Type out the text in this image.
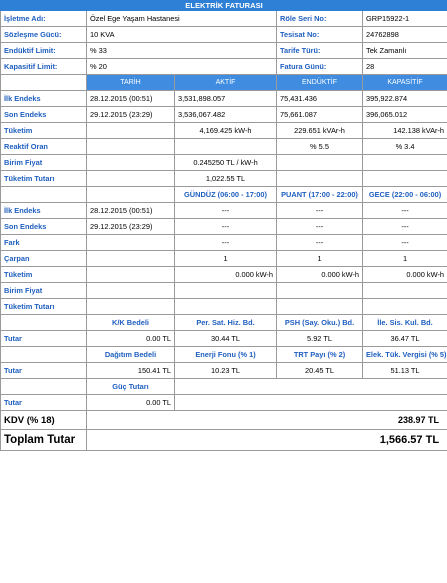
ELEKTRİK FATURASI				
İşletme Adı:	Özel Ege Yaşam Hastanesi		Röle Seri No:	GRP15922-1
Sözleşme Gücü:	10 KVA		Tesisat No:	24762898
Endüktif Limit:	% 33		Tarife Türü:	Tek Zamanlı
Kapasitif Limit:	% 20		Fatura Günü:	28
	TARİH	AKTİF	ENDÜKTİF	KAPASİTİF
İlk Endeks	28.12.2015 (00:51)	3,531,898.057	75,431.436	395,922.874
Son Endeks	29.12.2015 (23:29)	3,536,067.482	75,661.087	396,065.012
Tüketim		4,169.425 kW-h	229.651 kVAr-h	142.138 kVAr-h
Reaktif Oran			% 5.5	% 3.4
Birim Fiyat		0.245250 TL / kW-h		
Tüketim Tutarı		1,022.55 TL		
		GÜNDÜZ (06:00 - 17:00)	PUANT (17:00 - 22:00)	GECE (22:00 - 06:00)
İlk Endeks	28.12.2015 (00:51)	---	---	---
Son Endeks	29.12.2015 (23:29)	---	---	---
Fark		---	---	---
Çarpan		1	1	1
Tüketim		0.000 kW-h	0.000 kW-h	0.000 kW-h
Birim Fiyat				
Tüketim Tutarı				
	K/K Bedeli	Per. Sat. Hiz. Bd.	PSH (Say. Oku.) Bd.	İle. Sis. Kul. Bd.
Tutar	0.00 TL	30.44 TL	5.92 TL	36.47 TL
	Dağıtım Bedeli	Enerji Fonu (% 1)	TRT Payı (% 2)	Elek. Tük. Vergisi (% 5)
Tutar	150.41 TL	10.23 TL	20.45 TL	51.13 TL
	Güç Tutarı			
Tutar	0.00 TL			
KDV (% 18)	238.97 TL			
Toplam Tutar	1,566.57 TL			
